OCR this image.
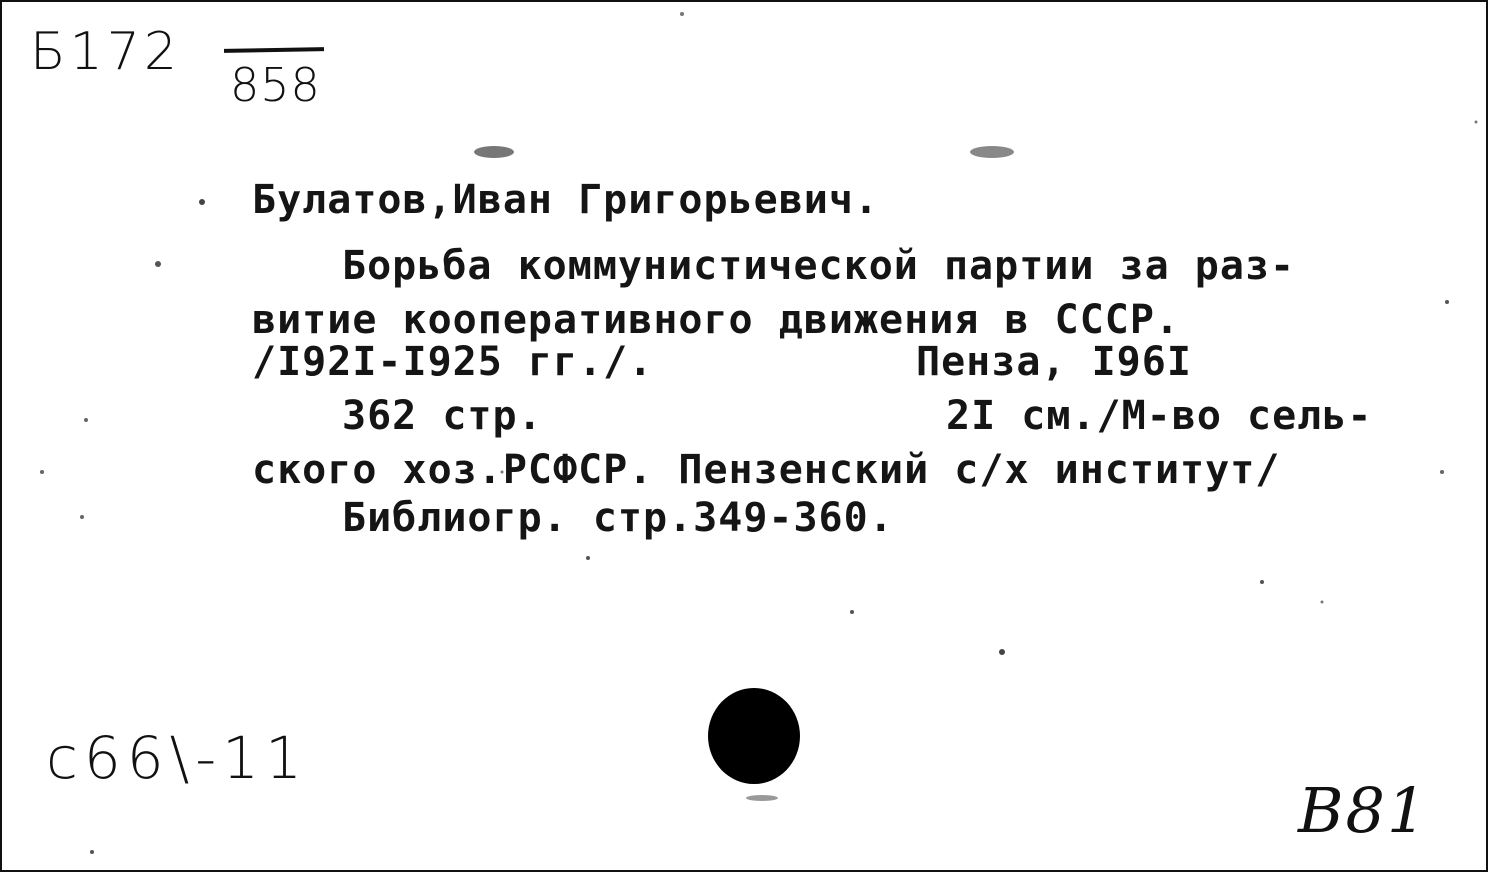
Б172
858
Булатов,Иван Григорьевич.
Борьба коммунистической партии за раз-
витие кооперативного движения в СССР.
/I92I-I925 гг./.	Пенза, I96I
362 стр.	2I см./М-во сель-
ского хоз.РСФСР. Пензенский с/х институт/
Библиогр. стр.349-360.
с66\-11
B81
